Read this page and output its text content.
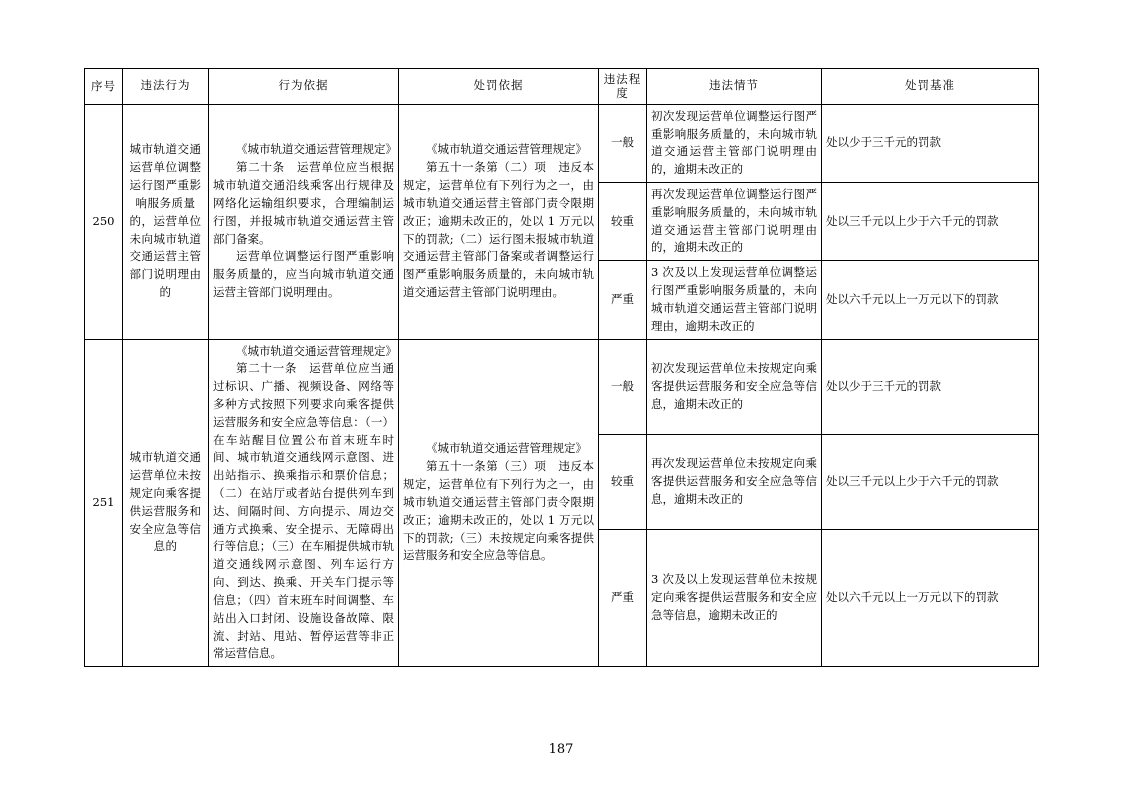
序号	违法行为	行为依据	处罚依据	违法程度	违法情节	处罚基准
250	城市轨道交通运营单位调整运行图严重影响服务质量的，运营单位未向城市轨道交通运营主管部门说明理由的	《城市轨道交通运营管理规定》
第二十条　运营单位应当根据城市轨道交通沿线乘客出行规律及网络化运输组织要求，合理编制运行图，并报城市轨道交通运营主管部门备案。
运营单位调整运行图严重影响服务质量的，应当向城市轨道交通运营主管部门说明理由。	《城市轨道交通运营管理规定》
第五十一条第（二）项　违反本规定，运营单位有下列行为之一，由城市轨道交通运营主管部门责令限期改正；逾期未改正的，处以 1 万元以下的罚款;（二）运行图未报城市轨道交通运营主管部门备案或者调整运行图严重影响服务质量的，未向城市轨道交通运营主管部门说明理由。	一般	初次发现运营单位调整运行图严重影响服务质量的，未向城市轨道交通运营主管部门说明理由的，逾期未改正的	处以少于三千元的罚款
				较重	再次发现运营单位调整运行图严重影响服务质量的，未向城市轨道交通运营主管部门说明理由的，逾期未改正的	处以三千元以上少于六千元的罚款
				严重	3 次及以上发现运营单位调整运行图严重影响服务质量的，未向城市轨道交通运营主管部门说明理由，逾期未改正的	处以六千元以上一万元以下的罚款
251	城市轨道交通运营单位未按规定向乘客提供运营服务和安全应急等信息的	《城市轨道交通运营管理规定》
第二十一条　运营单位应当通过标识、广播、视频设备、网络等多种方式按照下列要求向乘客提供运营服务和安全应急等信息：（一）在车站醒目位置公布首末班车时间、城市轨道交通线网示意图、进出站指示、换乘指示和票价信息；（二）在站厅或者站台提供列车到达、间隔时间、方向提示、周边交通方式换乘、安全提示、无障碍出行等信息；（三）在车厢提供城市轨道交通线网示意图、列车运行方向、到达、换乘、开关车门提示等信息；（四）首末班车时间调整、车站出入口封闭、设施设备故障、限流、封站、甩站、暂停运营等非正常运营信息。	《城市轨道交通运营管理规定》
第五十一条第（三）项　违反本规定，运营单位有下列行为之一，由城市轨道交通运营主管部门责令限期改正；逾期未改正的，处以 1 万元以下的罚款;（三）未按规定向乘客提供运营服务和安全应急等信息。	一般	初次发现运营单位未按规定向乘客提供运营服务和安全应急等信息，逾期未改正的	处以少于三千元的罚款
				较重	再次发现运营单位未按规定向乘客提供运营服务和安全应急等信息，逾期未改正的	处以三千元以上少于六千元的罚款
				严重	3 次及以上发现运营单位未按规定向乘客提供运营服务和安全应急等信息，逾期未改正的	处以六千元以上一万元以下的罚款
187
